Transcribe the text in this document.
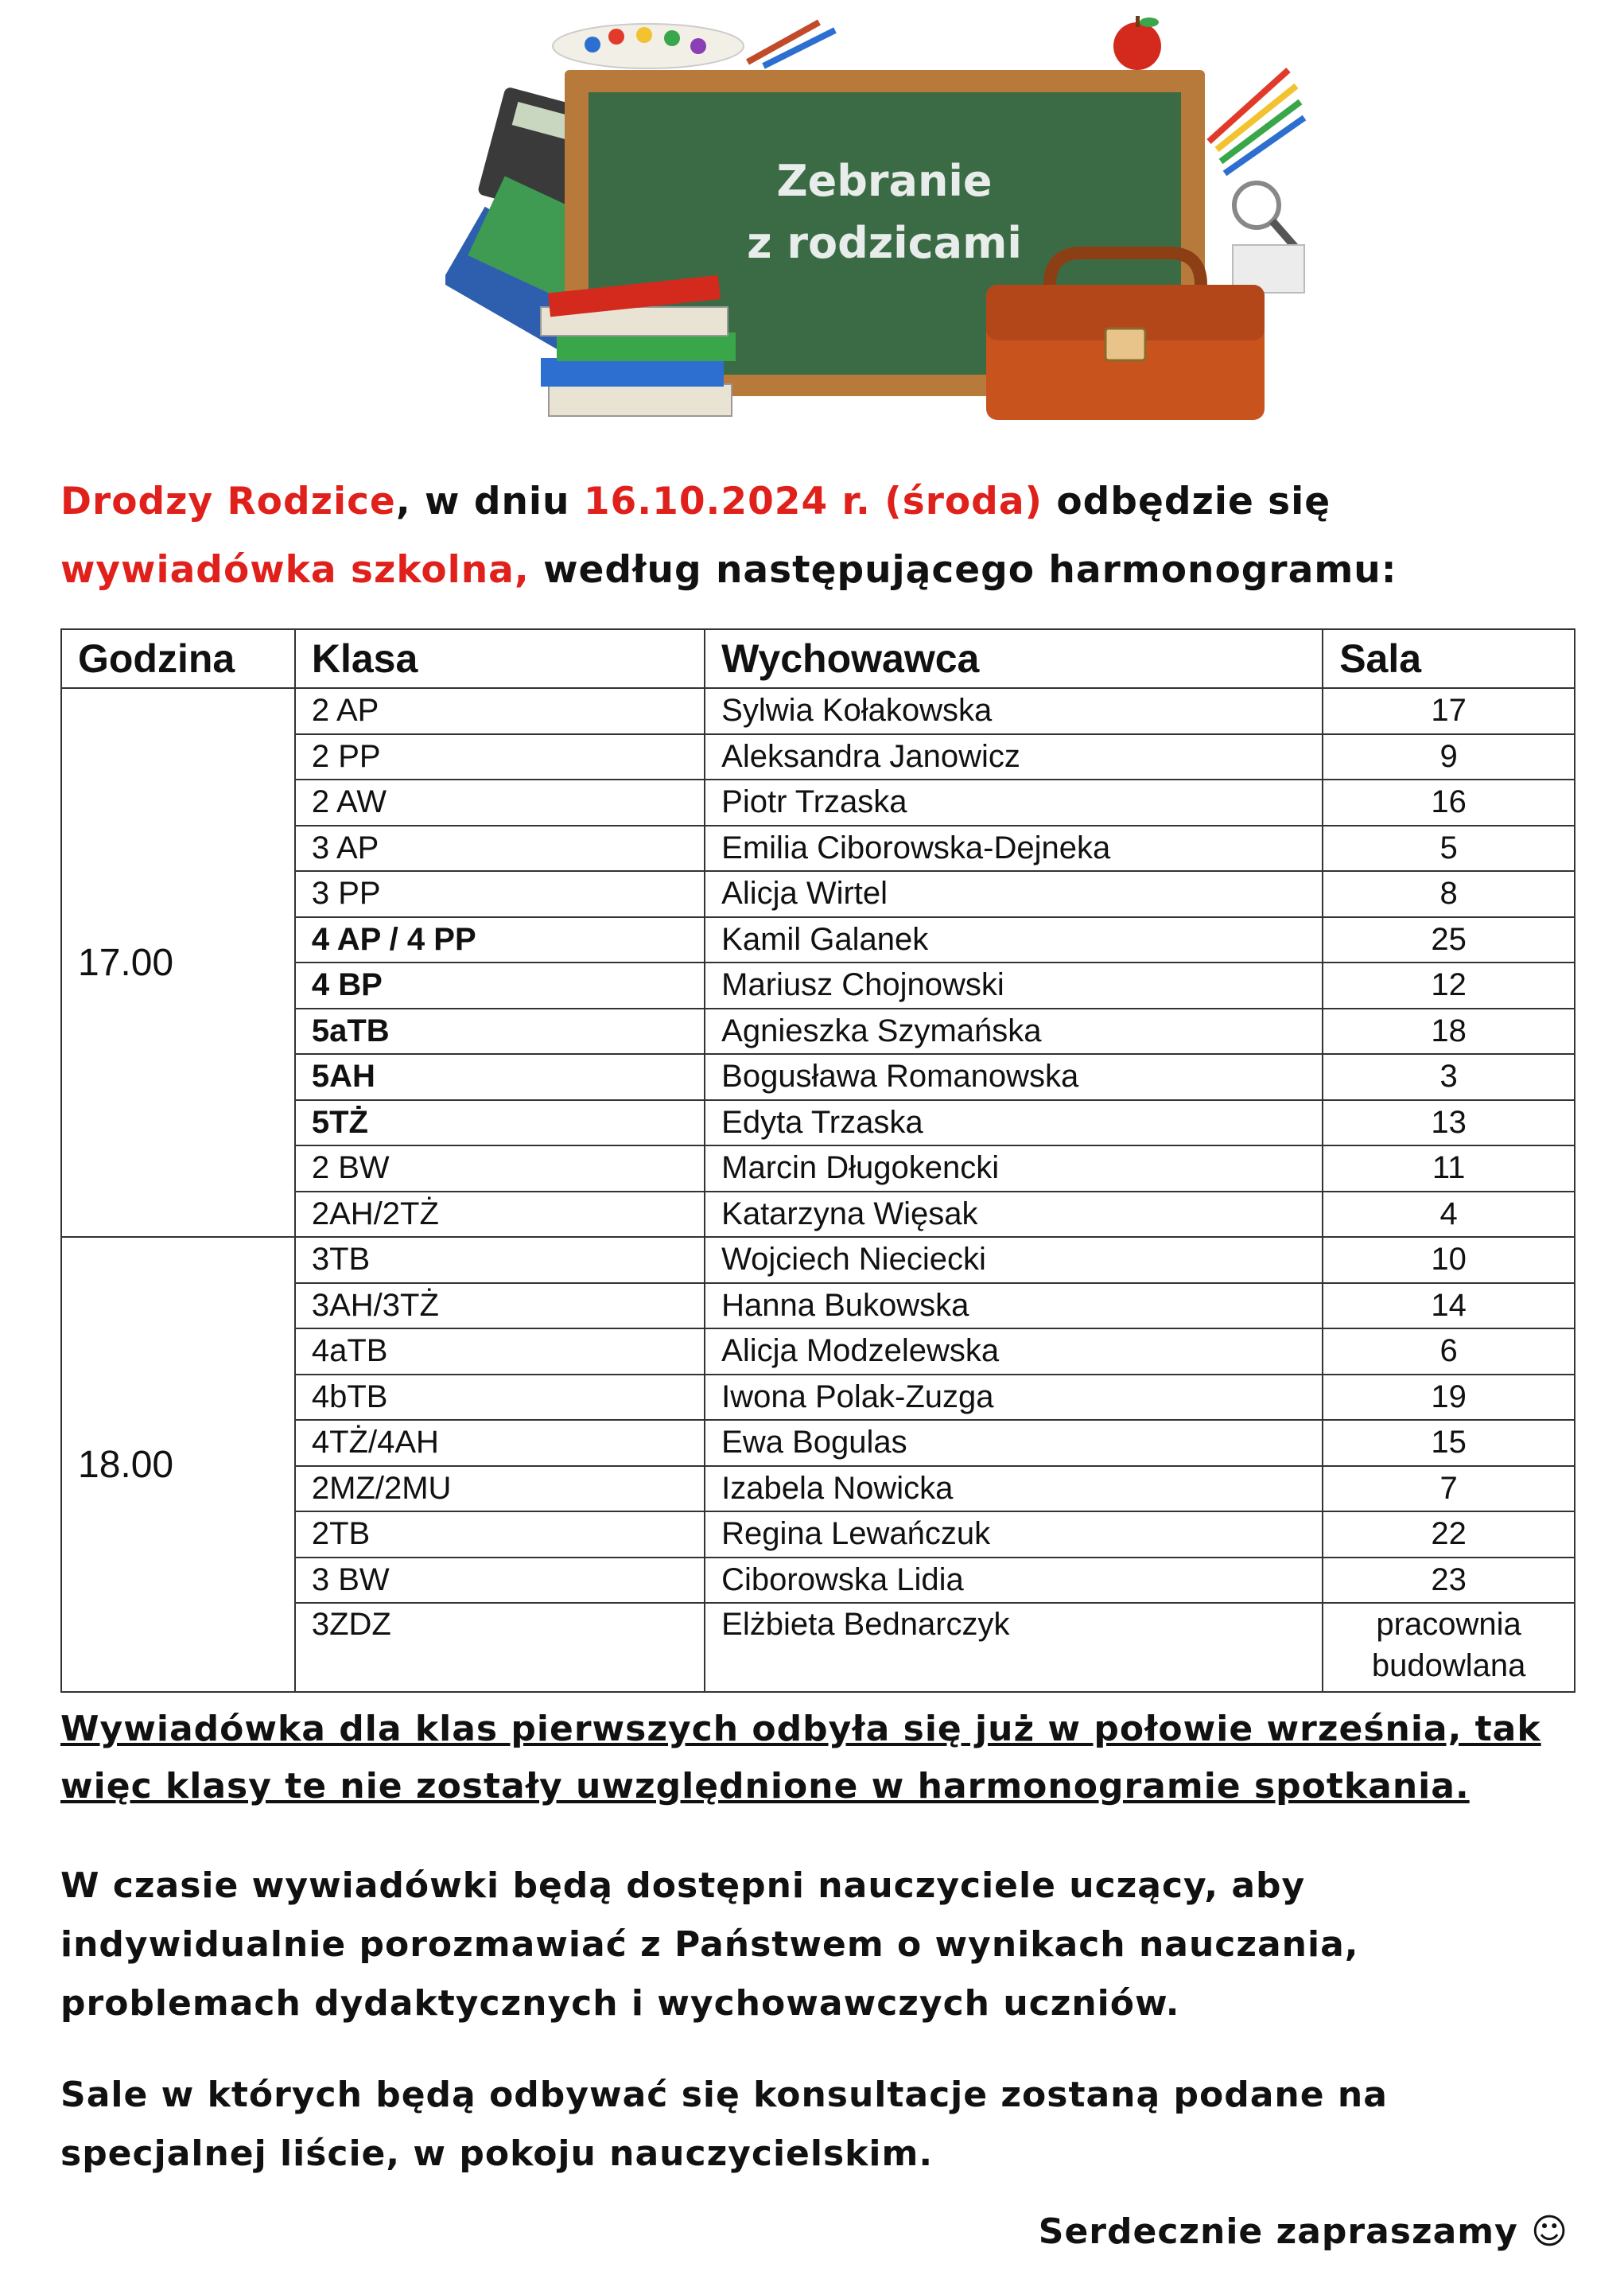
Zebranie
z rodzicami
Drodzy Rodzice, w dniu 16.10.2024 r. (środa) odbędzie się wywiadówka szkolna, według następującego harmonogramu:
Godzina	Klasa	Wychowawca	Sala
17.00	2 AP	Sylwia Kołakowska	17
	2 PP	Aleksandra Janowicz	9
	2 AW	Piotr Trzaska	16
	3 AP	Emilia Ciborowska-Dejneka	5
	3 PP	Alicja Wirtel	8
	4 AP / 4 PP	Kamil Galanek	25
	4 BP	Mariusz Chojnowski	12
	5aTB	Agnieszka Szymańska	18
	5AH	Bogusława Romanowska	3
	5TŻ	Edyta Trzaska	13
	2 BW	Marcin Długokencki	11
	2AH/2TŻ	Katarzyna Więsak	4
18.00	3TB	Wojciech Nieciecki	10
	3AH/3TŻ	Hanna Bukowska	14
	4aTB	Alicja Modzelewska	6
	4bTB	Iwona Polak-Zuzga	19
	4TŻ/4AH	Ewa Bogulas	15
	2MZ/2MU	Izabela Nowicka	7
	2TB	Regina Lewańczuk	22
	3 BW	Ciborowska Lidia	23
	3ZDZ	Elżbieta Bednarczyk	pracownia budowlana
Wywiadówka dla klas pierwszych odbyła się już w połowie września, tak więc klasy te nie zostały uwzględnione w harmonogramie spotkania.
W czasie wywiadówki będą dostępni nauczyciele uczący, aby indywidualnie porozmawiać z Państwem o wynikach nauczania, problemach dydaktycznych i wychowawczych uczniów.
Sale w których będą odbywać się konsultacje zostaną podane na specjalnej liście, w pokoju nauczycielskim.
Serdecznie zapraszamy ☺
